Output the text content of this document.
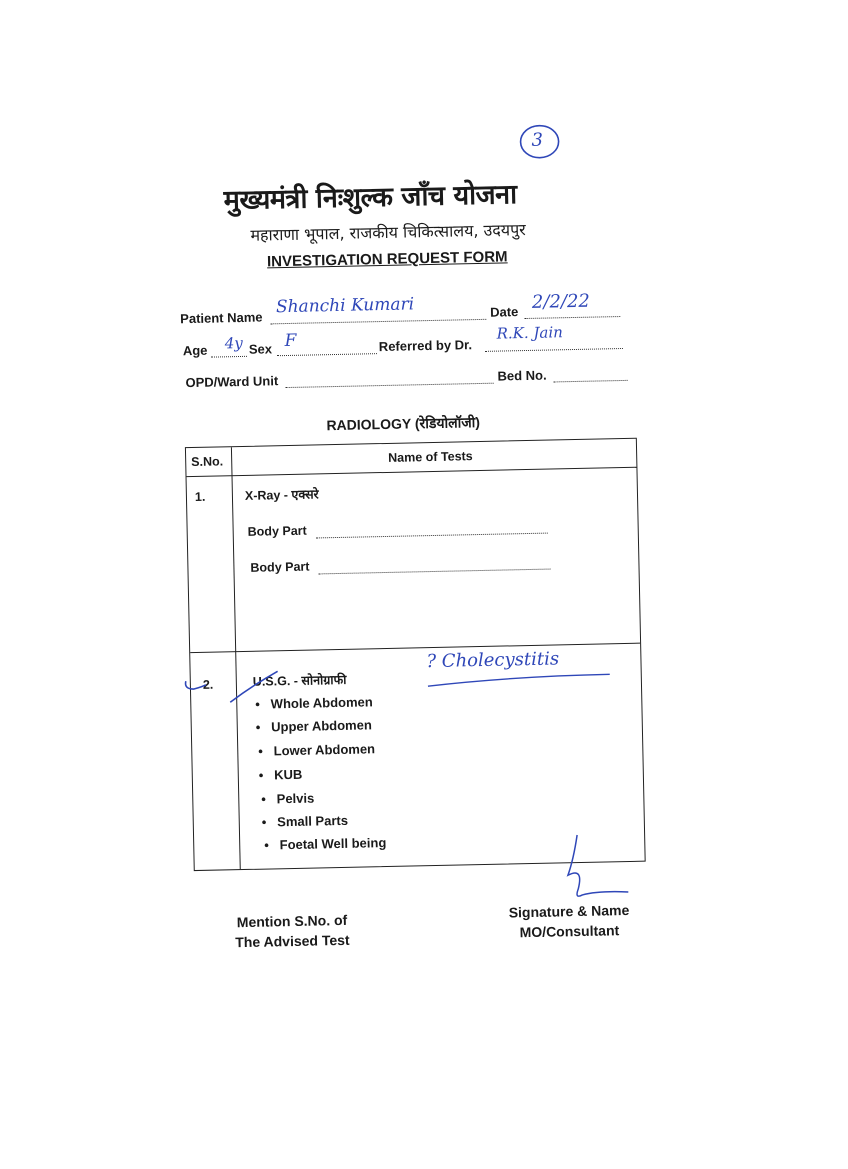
3
मुख्यमंत्री निःशुल्क जाँच योजना
महाराणा भूपाल, राजकीय चिकित्सालय, उदयपुर
INVESTIGATION REQUEST FORM
Patient Name
Shanchi Kumari	Date 2/2/22
Age 4y Sex F	Referred by Dr.
R.K. Jain
OPD/Ward Unit	Bed No.
RADIOLOGY (रेडियोलॉजी)
S.No.	Name of Tests
1.	X-Ray - एक्सरे
Body Part
Body Part
2.	U.S.G. - सोनोग्राफी
? Cholecystitis
• Whole Abdomen
• Upper Abdomen
• Lower Abdomen
• KUB
• Pelvis
• Small Parts
• Foetal Well being
Mention S.No. of
The Advised Test
Signature & Name
MO/Consultant
